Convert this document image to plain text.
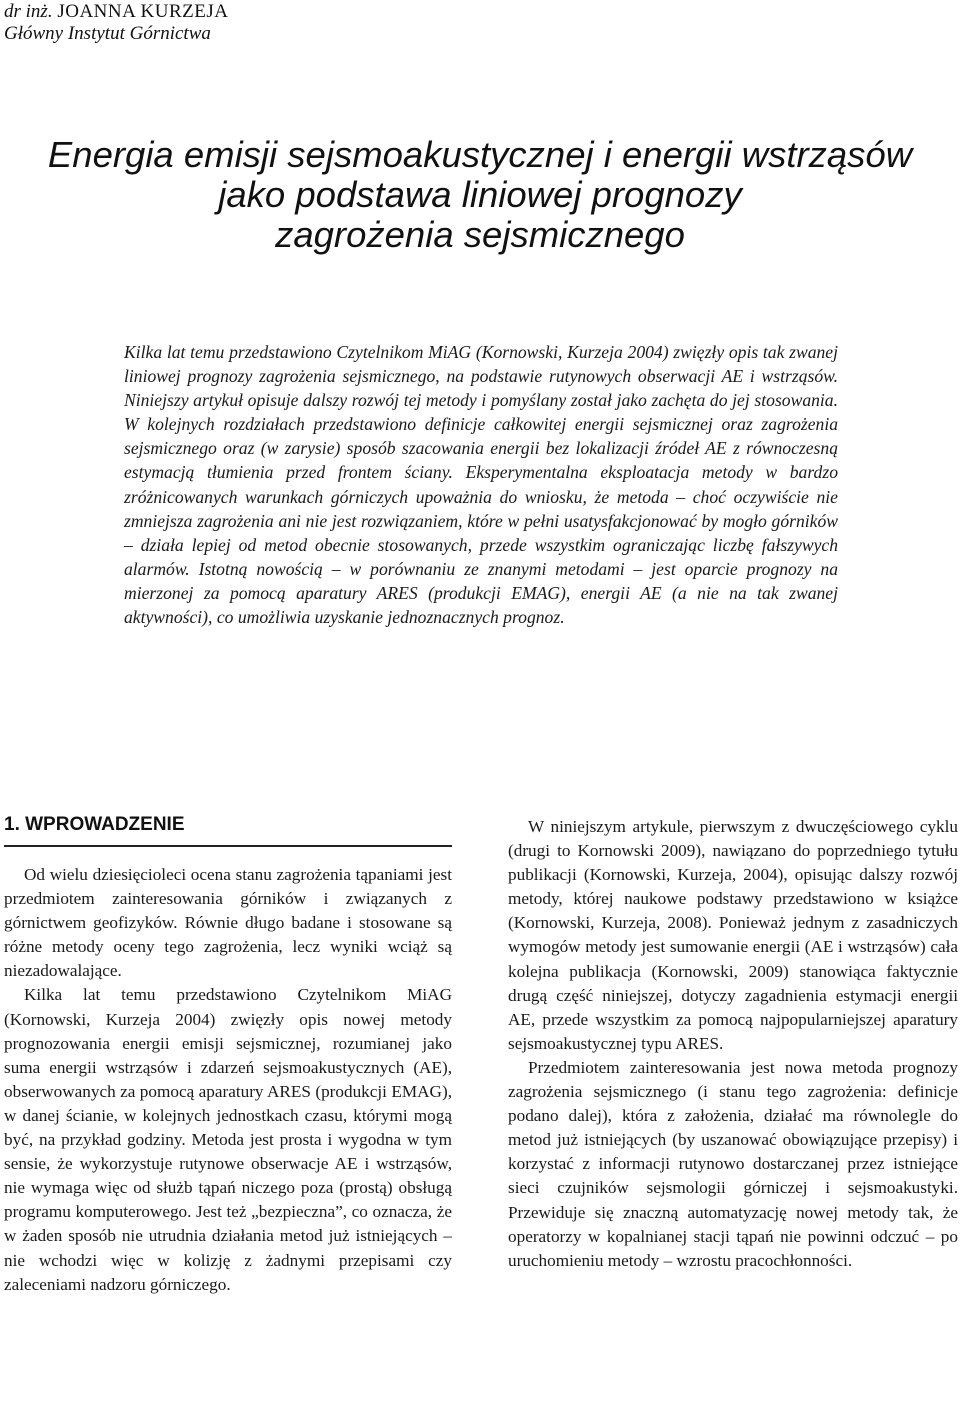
dr inż. JOANNA KURZEJA
Główny Instytut Górnictwa
Energia emisji sejsmoakustycznej i energii wstrząsów
jako podstawa liniowej prognozy
zagrożenia sejsmicznego
Kilka lat temu przedstawiono Czytelnikom MiAG (Kornowski, Kurzeja 2004) zwięzły opis tak zwanej liniowej prognozy zagrożenia sejsmicznego, na podstawie rutynowych obserwacji AE i wstrząsów. Niniejszy artykuł opisuje dalszy rozwój tej metody i pomyślany został jako zachęta do jej stosowania. W kolejnych rozdziałach przedstawiono definicje całkowitej energii sejsmicznej oraz zagrożenia sejsmicznego oraz (w zarysie) sposób szacowania energii bez lokalizacji źródeł AE z równoczesną estymacją tłumienia przed frontem ściany. Eksperymentalna eksploatacja metody w bardzo zróżnicowanych warunkach górniczych upoważnia do wniosku, że metoda – choć oczywiście nie zmniejsza zagrożenia ani nie jest rozwiązaniem, które w pełni usatysfakcjonować by mogło górników – działa lepiej od metod obecnie stosowanych, przede wszystkim ograniczając liczbę fałszywych alarmów. Istotną nowością – w porównaniu ze znanymi metodami – jest oparcie prognozy na mierzonej za pomocą aparatury ARES (produkcji EMAG), energii AE (a nie na tak zwanej aktywności), co umożliwia uzyskanie jednoznacznych prognoz.
1. WPROWADZENIE

Od wielu dziesięcioleci ocena stanu zagrożenia tąpaniami jest przedmiotem zainteresowania górników i związanych z górnictwem geofizyków. Równie długo badane i stosowane są różne metody oceny tego zagrożenia, lecz wyniki wciąż są niezadowalające.

Kilka lat temu przedstawiono Czytelnikom MiAG (Kornowski, Kurzeja 2004) zwięzły opis nowej metody prognozowania energii emisji sejsmicznej, rozumianej jako suma energii wstrząsów i zdarzeń sejsmoakustycznych (AE), obserwowanych za pomocą aparatury ARES (produkcji EMAG), w danej ścianie, w kolejnych jednostkach czasu, którymi mogą być, na przykład godziny. Metoda jest prosta i wygodna w tym sensie, że wykorzystuje rutynowe obserwacje AE i wstrząsów, nie wymaga więc od służb tąpań niczego poza (prostą) obsługą programu komputerowego. Jest też „bezpieczna”, co oznacza, że w żaden sposób nie utrudnia działania metod już istniejących – nie wchodzi więc w kolizję z żadnymi przepisami czy zaleceniami nadzoru górniczego.

W niniejszym artykule, pierwszym z dwuczęściowego cyklu (drugi to Kornowski 2009), nawiązano do poprzedniego tytułu publikacji (Kornowski, Kurzeja, 2004), opisując dalszy rozwój metody, której naukowe podstawy przedstawiono w książce (Kornowski, Kurzeja, 2008). Ponieważ jednym z zasadniczych wymogów metody jest sumowanie energii (AE i wstrząsów) cała kolejna publikacja (Kornowski, 2009) stanowiąca faktycznie drugą część niniejszej, dotyczy zagadnienia estymacji energii AE, przede wszystkim za pomocą najpopularniejszej aparatury sejsmoakustycznej typu ARES.

Przedmiotem zainteresowania jest nowa metoda prognozy zagrożenia sejsmicznego (i stanu tego zagrożenia: definicje podano dalej), która z założenia, działać ma równolegle do metod już istniejących (by uszanować obowiązujące przepisy) i korzystać z informacji rutynowo dostarczanej przez istniejące sieci czujników sejsmologii górniczej i sejsmoakustyki. Przewiduje się znaczną automatyzację nowej metody tak, że operatorzy w kopalnianej stacji tąpań nie powinni odczuć – po uruchomieniu metody – wzrostu pracochłonności.
